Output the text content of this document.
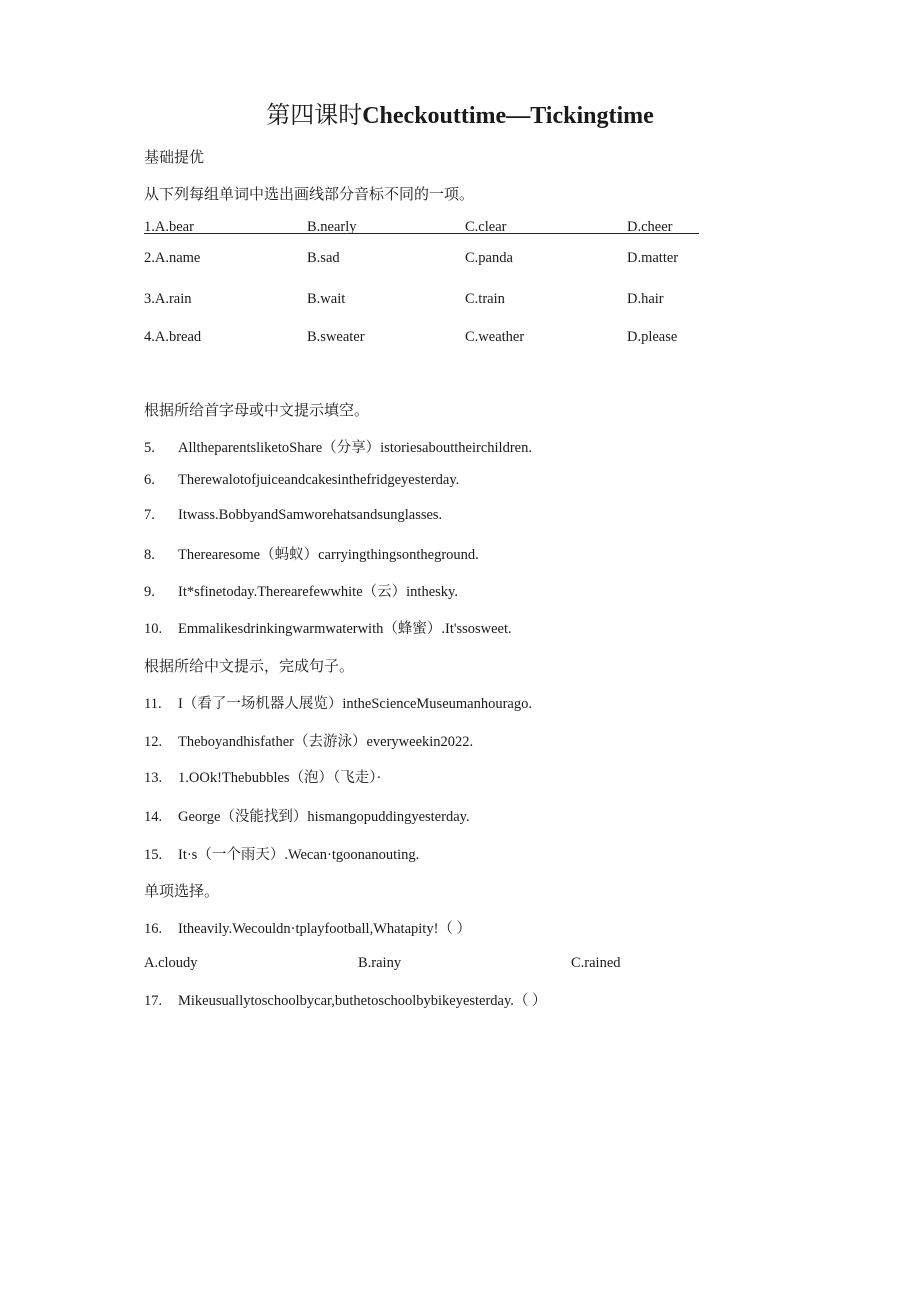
第四课时Checkouttime—Tickingtime
基础提优
从下列每组单词中选出画线部分音标不同的一项。
1.A.bear	B.nearly	C.clear	D.cheer
2.A.name	B.sad	C.panda	D.matter
3.A.rain	B.wait	C.train	D.hair
4.A.bread	B.sweater	C.weather	D.please
根据所给首字母或中文提示填空。
5. AlltheparentsliketoShare（分享）istoriesabouttheirchildren.
6. Therewalotofjuiceandcakesinthefridgeyesterday.
7. Itwass.BobbyandSamworehatsandsunglasses.
8. Therearesome（蚂蚁）carryingthingsontheground.
9. It*sfinetoday.Therearefewwhite（云）inthesky.
10. Emmalikesdrinkingwarmwaterwith（蜂蜜）.It'ssosweet.
根据所给中文提示，完成句子。
11. I（看了一场机器人展览）intheScienceMuseumanhourago.
12. Theboyandhisfather（去游泳）everyweekin2022.
13. 1.OOk!Thebubbles（泡）（飞走）·
14. George（没能找到）hismangopuddingyesterday.
15. It·s（一个雨天）.Wecan·tgoonanouting.
单项选择。
16. Itheavily.Wecouldn·tplayfootball,Whatapity!（ ）
A.cloudy	B.rainy	C.rained
17. Mikeusuallytoschoolbycar,buthetoschoolbybikeyesterday.（ ）
